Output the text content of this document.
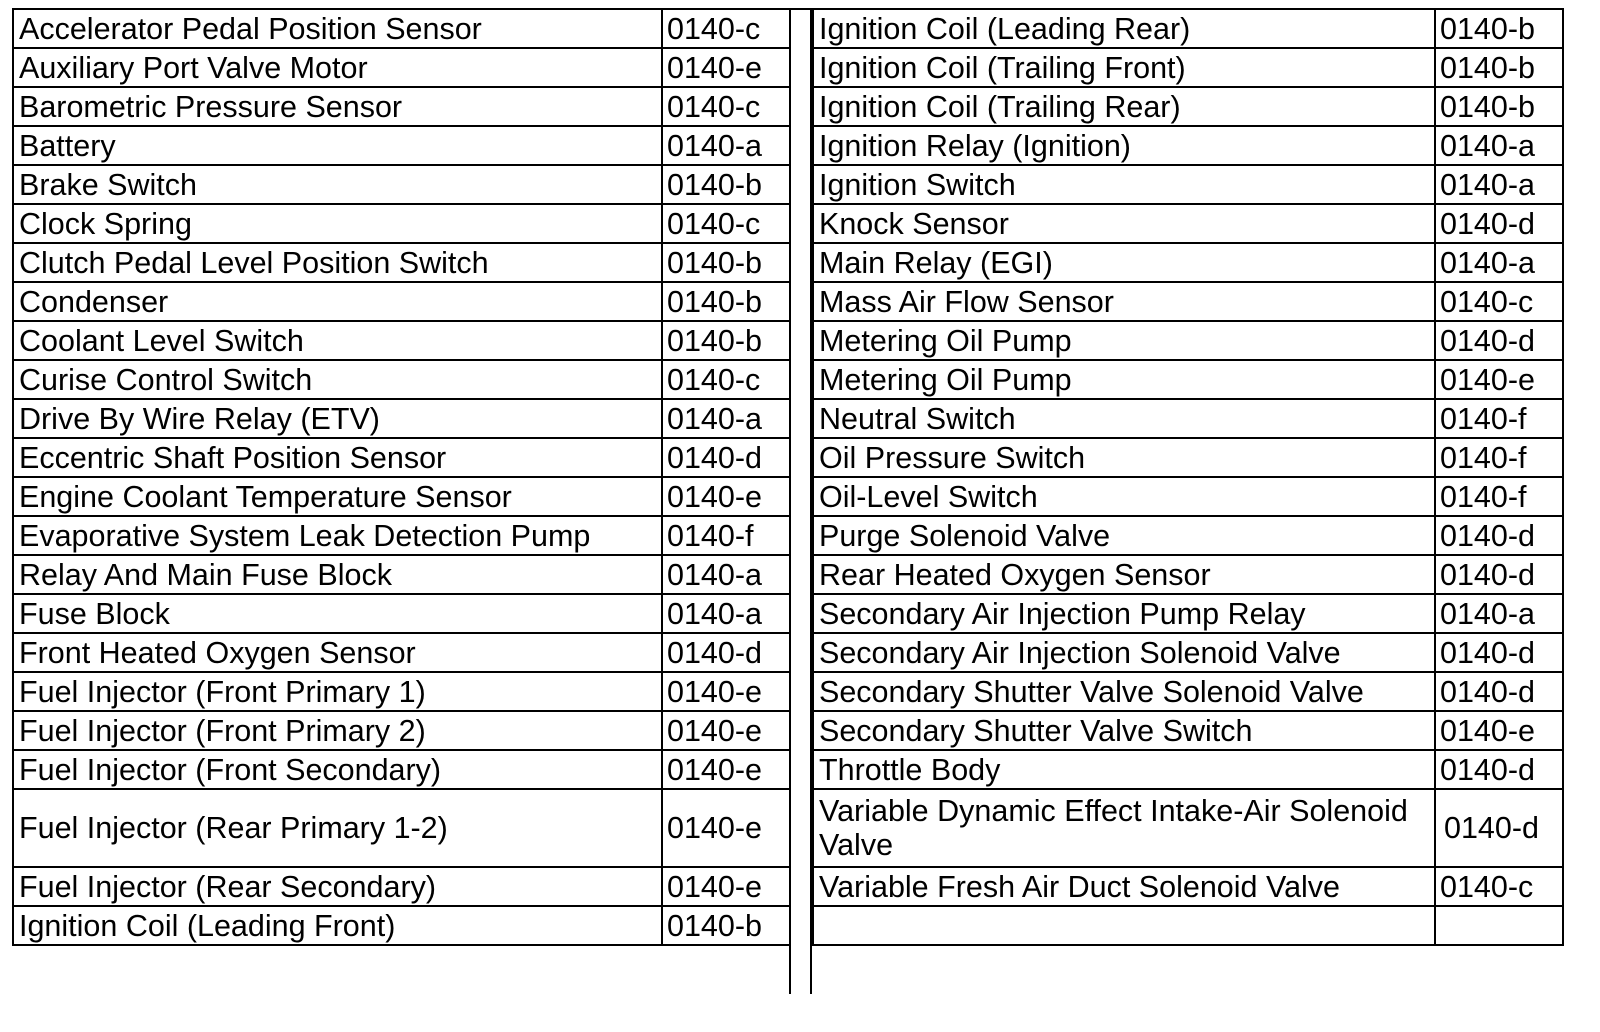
Accelerator Pedal Position Sensor	0140-c
Auxiliary Port Valve Motor	0140-e
Barometric Pressure Sensor	0140-c
Battery	0140-a
Brake Switch	0140-b
Clock Spring	0140-c
Clutch Pedal Level Position Switch	0140-b
Condenser	0140-b
Coolant Level Switch	0140-b
Curise Control Switch	0140-c
Drive By Wire Relay (ETV)	0140-a
Eccentric Shaft Position Sensor	0140-d
Engine Coolant Temperature Sensor	0140-e
Evaporative System Leak Detection Pump	0140-f
Relay And Main Fuse Block	0140-a
Fuse Block	0140-a
Front Heated Oxygen Sensor	0140-d
Fuel Injector (Front Primary 1)	0140-e
Fuel Injector (Front Primary 2)	0140-e
Fuel Injector (Front Secondary)	0140-e
Fuel Injector (Rear Primary 1-2)	0140-e
Fuel Injector (Rear Secondary)	0140-e
Ignition Coil (Leading Front)	0140-b
Ignition Coil (Leading Rear)	0140-b
Ignition Coil (Trailing Front)	0140-b
Ignition Coil (Trailing Rear)	0140-b
Ignition Relay (Ignition)	0140-a
Ignition Switch	0140-a
Knock Sensor	0140-d
Main Relay (EGI)	0140-a
Mass Air Flow Sensor	0140-c
Metering Oil Pump	0140-d
Metering Oil Pump	0140-e
Neutral Switch	0140-f
Oil Pressure Switch	0140-f
Oil-Level Switch	0140-f
Purge Solenoid Valve	0140-d
Rear Heated Oxygen Sensor	0140-d
Secondary Air Injection Pump Relay	0140-a
Secondary Air Injection Solenoid Valve	0140-d
Secondary Shutter Valve Solenoid Valve	0140-d
Secondary Shutter Valve Switch	0140-e
Throttle Body	0140-d
Variable Dynamic Effect Intake-Air Solenoid Valve	0140-d
Variable Fresh Air Duct Solenoid Valve	0140-c
